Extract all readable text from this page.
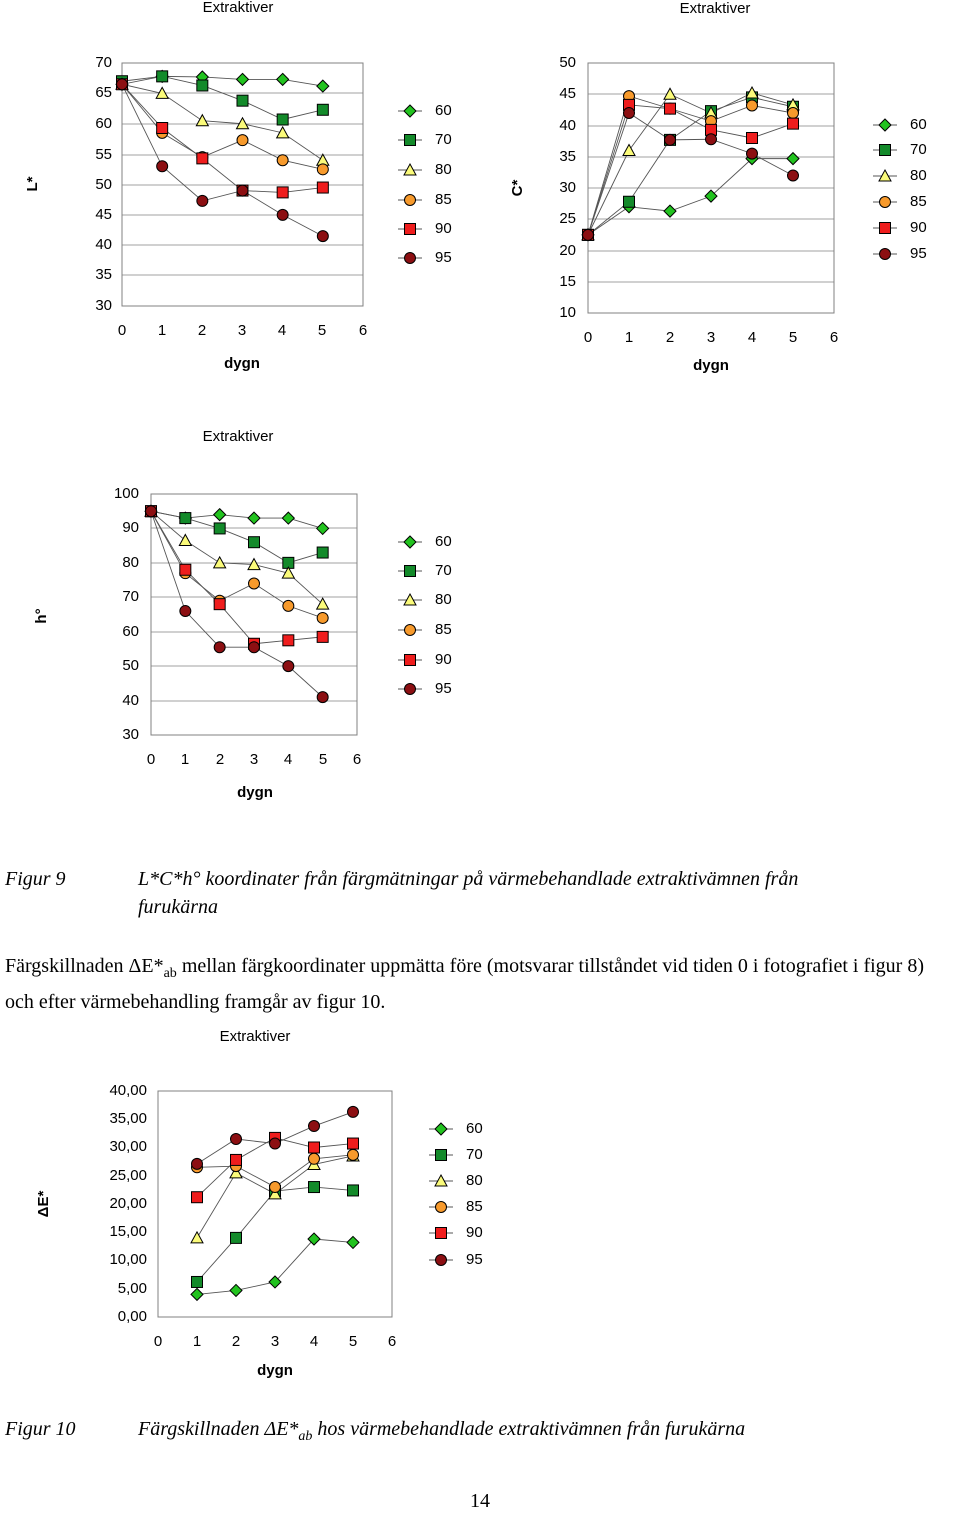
70
65
60
55
50
45
40
35
30
0 1 2 3 4 5 6
Extraktiver
dygn
L*
60
70
80
85
90
95
50
45
40
35
30
25
20
15
10
0 1 2 3 4 5 6
Extraktiver
dygn
C*
60
70
80
85
90
95
100
90
80
70
60
50
40
30
0 1 2 3 4 5 6
Extraktiver
dygn
h°
60
70
80
85
90
95
40,00
35,00
30,00
25,00
20,00
15,00
10,00
5,00
0,00
0 1 2 3 4 5 6
Extraktiver
dygn
ΔE*
60
70
80
85
90
95
Figur 9	L*C*h° koordinater från färgmätningar på värmebehandlade extraktivämnen från
furukärna
Färgskillnaden $\Delta E*_{ab}$ mellan färgkoordinater uppmätta före (motsvarar tillståndet vid tiden 0 i fotografiet i figur 8) och efter värmebehandling framgår av figur 10.
Figur 10	Färgskillnaden $\Delta E*_{ab}$ hos värmebehandlade extraktivämnen från furukärna
14
